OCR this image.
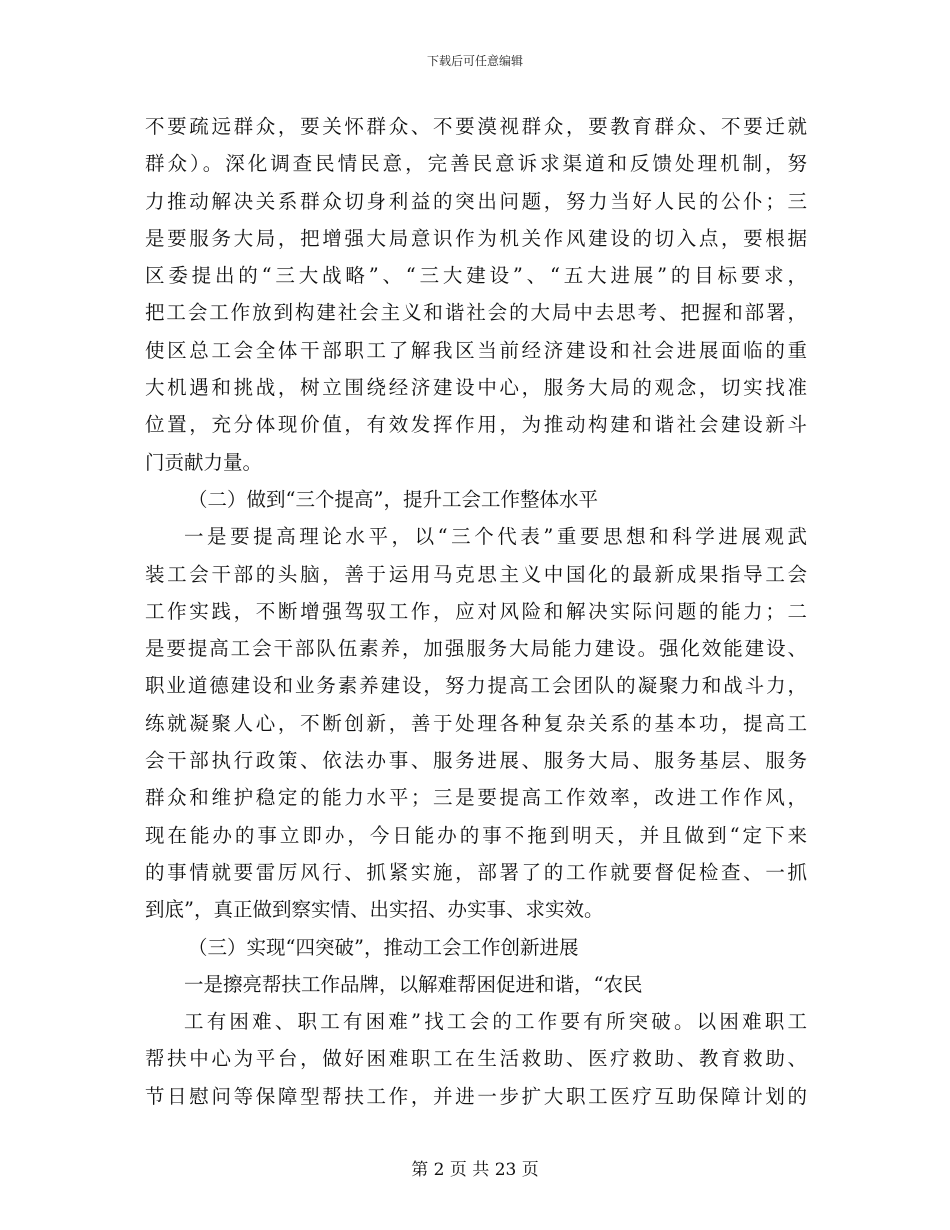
下载后可任意编辑
不要疏远群众，要关怀群众、不要漠视群众，要教育群众、不要迁就
群众）。深化调查民情民意，完善民意诉求渠道和反馈处理机制，努
力推动解决关系群众切身利益的突出问题，努力当好人民的公仆；三
是要服务大局，把增强大局意识作为机关作风建设的切入点，要根据
区委提出的“三大战略”、“三大建设”、“五大进展”的目标要求，
把工会工作放到构建社会主义和谐社会的大局中去思考、把握和部署，
使区总工会全体干部职工了解我区当前经济建设和社会进展面临的重
大机遇和挑战，树立围绕经济建设中心，服务大局的观念，切实找准
位置，充分体现价值，有效发挥作用，为推动构建和谐社会建设新斗
门贡献力量。
（二）做到“三个提高”，提升工会工作整体水平
一是要提高理论水平，以“三个代表”重要思想和科学进展观武
装工会干部的头脑，善于运用马克思主义中国化的最新成果指导工会
工作实践，不断增强驾驭工作，应对风险和解决实际问题的能力；二
是要提高工会干部队伍素养，加强服务大局能力建设。强化效能建设、
职业道德建设和业务素养建设，努力提高工会团队的凝聚力和战斗力，
练就凝聚人心，不断创新，善于处理各种复杂关系的基本功，提高工
会干部执行政策、依法办事、服务进展、服务大局、服务基层、服务
群众和维护稳定的能力水平；三是要提高工作效率，改进工作作风，
现在能办的事立即办，今日能办的事不拖到明天，并且做到“定下来
的事情就要雷厉风行、抓紧实施，部署了的工作就要督促检查、一抓
到底”，真正做到察实情、出实招、办实事、求实效。
（三）实现“四突破”，推动工会工作创新进展
一是擦亮帮扶工作品牌，以解难帮困促进和谐，“农民
工有困难、职工有困难”找工会的工作要有所突破。以困难职工
帮扶中心为平台，做好困难职工在生活救助、医疗救助、教育救助、
节日慰问等保障型帮扶工作，并进一步扩大职工医疗互助保障计划的
第 2 页 共 23 页
